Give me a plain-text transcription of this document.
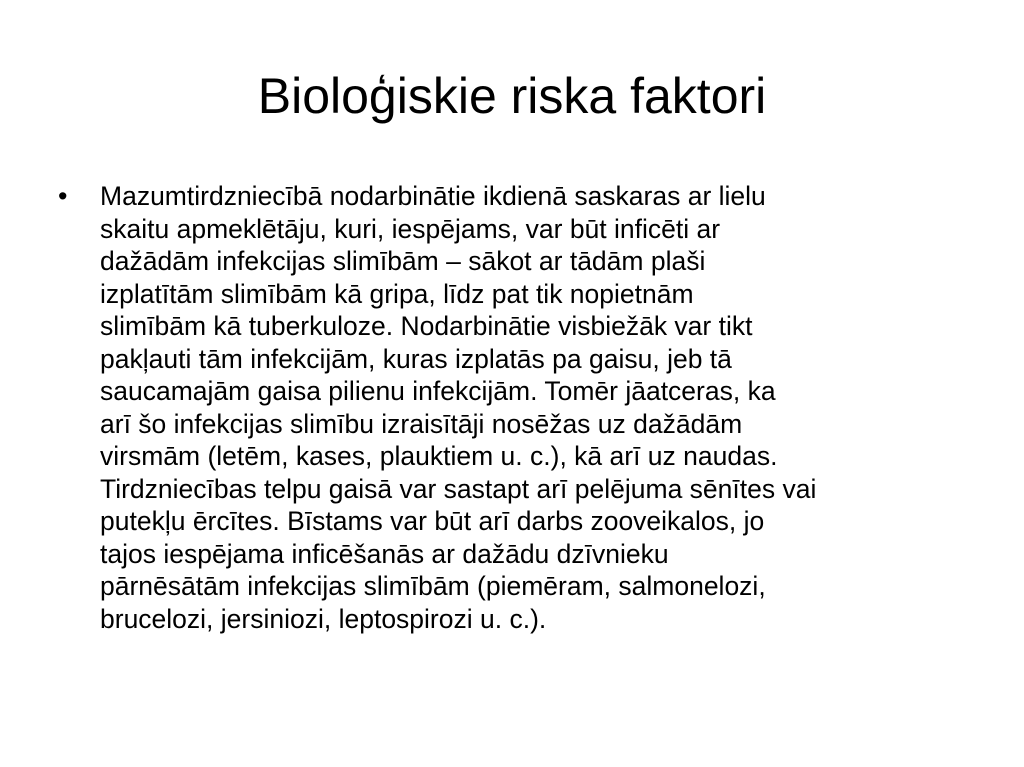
Bioloģiskie riska faktori
• Mazumtirdzniecībā nodarbinātie ikdienā saskaras ar lielu
skaitu apmeklētāju, kuri, iespējams, var būt inficēti ar
dažādām infekcijas slimībām – sākot ar tādām plaši
izplatītām slimībām kā gripa, līdz pat tik nopietnām
slimībām kā tuberkuloze. Nodarbinātie visbiežāk var tikt
pakļauti tām infekcijām, kuras izplatās pa gaisu, jeb tā
saucamajām gaisa pilienu infekcijām. Tomēr jāatceras, ka
arī šo infekcijas slimību izraisītāji nosēžas uz dažādām
virsmām (letēm, kases, plauktiem u. c.), kā arī uz naudas.
Tirdzniecības telpu gaisā var sastapt arī pelējuma sēnītes vai
putekļu ērcītes. Bīstams var būt arī darbs zooveikalos, jo
tajos iespējama inficēšanās ar dažādu dzīvnieku
pārnēsātām infekcijas slimībām (piemēram, salmonelozi,
brucelozi, jersiniozi, leptospirozi u. c.).
